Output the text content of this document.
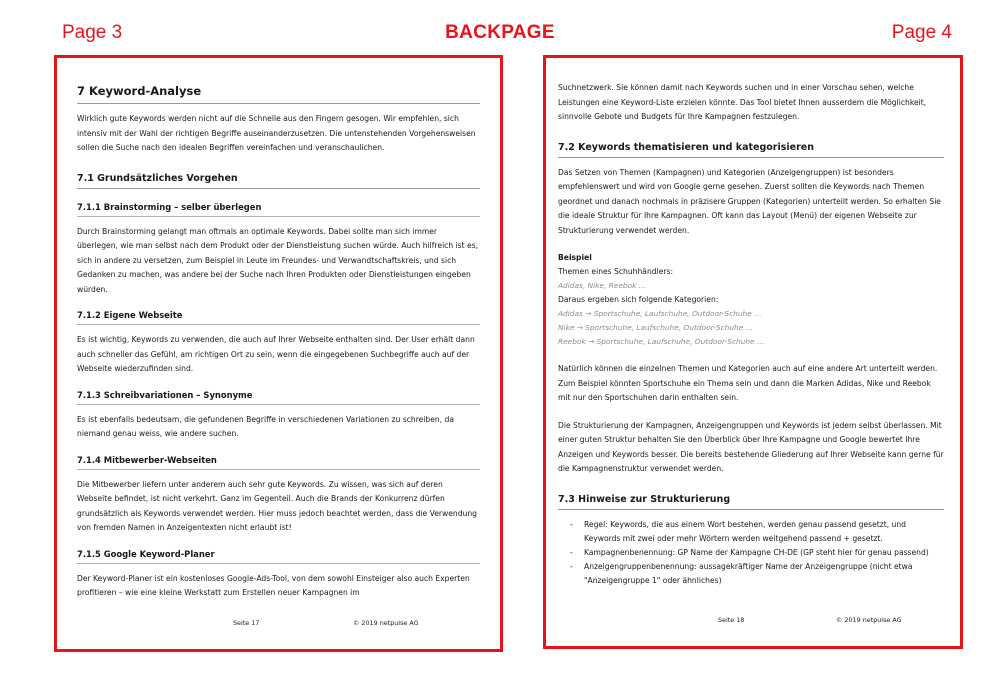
Page 3	BACKPAGE	Page 4
7 Keyword-Analyse

Wirklich gute Keywords werden nicht auf die Schnelle aus den Fingern gesogen. Wir empfehlen, sich intensiv mit der Wahl der richtigen Begriffe auseinanderzusetzen. Die untenstehenden Vorgehensweisen sollen die Suche nach den idealen Begriffen vereinfachen und veranschaulichen.

7.1 Grundsätzliches Vorgehen
7.1.1 Brainstorming – selber überlegen

Durch Brainstorming gelangt man oftmals an optimale Keywords. Dabei sollte man sich immer überlegen, wie man selbst nach dem Produkt oder der Dienstleistung suchen würde. Auch hilfreich ist es, sich in andere zu versetzen, zum Beispiel in Leute im Freundes- und Verwandtschaftskreis, und sich Gedanken zu machen, was andere bei der Suche nach Ihren Produkten oder Dienstleistungen eingeben würden.

7.1.2 Eigene Webseite

Es ist wichtig, Keywords zu verwenden, die auch auf Ihrer Webseite enthalten sind. Der User erhält dann auch schneller das Gefühl, am richtigen Ort zu sein, wenn die eingegebenen Suchbegriffe auch auf der Webseite wiederzufinden sind.

7.1.3 Schreibvariationen – Synonyme

Es ist ebenfalls bedeutsam, die gefundenen Begriffe in verschiedenen Variationen zu schreiben, da niemand genau weiss, wie andere suchen.

7.1.4 Mitbewerber-Webseiten

Die Mitbewerber liefern unter anderem auch sehr gute Keywords. Zu wissen, was sich auf deren Webseite befindet, ist nicht verkehrt. Ganz im Gegenteil. Auch die Brands der Konkurrenz dürfen grundsätzlich als Keywords verwendet werden. Hier muss jedoch beachtet werden, dass die Verwendung von fremden Namen in Anzeigentexten nicht erlaubt ist!

7.1.5 Google Keyword-Planer

Der Keyword-Planer ist ein kostenloses Google-Ads-Tool, von dem sowohl Einsteiger also auch Experten profitieren – wie eine kleine Werkstatt zum Erstellen neuer Kampagnen im

Seite 17	© 2019 netpulse AG

Suchnetzwerk. Sie können damit nach Keywords suchen und in einer Vorschau sehen, welche Leistungen eine Keyword-Liste erzielen könnte. Das Tool bietet Ihnen ausserdem die Möglichkeit, sinnvolle Gebote und Budgets für Ihre Kampagnen festzulegen.

7.2 Keywords thematisieren und kategorisieren

Das Setzen von Themen (Kampagnen) und Kategorien (Anzeigengruppen) ist besonders empfehlenswert und wird von Google gerne gesehen. Zuerst sollten die Keywords nach Themen geordnet und danach nochmals in präzisere Gruppen (Kategorien) unterteilt werden. So erhalten Sie die ideale Struktur für Ihre Kampagnen. Oft kann das Layout (Menü) der eigenen Webseite zur Strukturierung verwendet werden.

Beispiel
Themen eines Schuhhändlers:
Adidas, Nike, Reebok …
Daraus ergeben sich folgende Kategorien:
Adidas → Sportschuhe, Laufschuhe, Outdoor-Schuhe …
Nike → Sportschuhe, Laufschuhe, Outdoor-Schuhe …
Reebok → Sportschuhe, Laufschuhe, Outdoor-Schuhe …

Natürlich können die einzelnen Themen und Kategorien auch auf eine andere Art unterteilt werden. Zum Beispiel könnten Sportschuhe ein Thema sein und dann die Marken Adidas, Nike und Reebok mit nur den Sportschuhen darin enthalten sein.

Die Strukturierung der Kampagnen, Anzeigengruppen und Keywords ist jedem selbst überlassen. Mit einer guten Struktur behalten Sie den Überblick über Ihre Kampagne und Google bewertet Ihre Anzeigen und Keywords besser. Die bereits bestehende Gliederung auf Ihrer Webseite kann gerne für die Kampagnenstruktur verwendet werden.

7.3 Hinweise zur Strukturierung
- Regel: Keywords, die aus einem Wort bestehen, werden genau passend gesetzt, und Keywords mit zwei oder mehr Wörtern werden weitgehend passend + gesetzt.
- Kampagnenbenennung: GP Name der Kampagne CH-DE (GP steht hier für genau passend)
- Anzeigengruppenbenennung: aussagekräftiger Name der Anzeigengruppe (nicht etwa "Anzeigengruppe 1" oder ähnliches)
Seite 18	© 2019 netpulse AG
